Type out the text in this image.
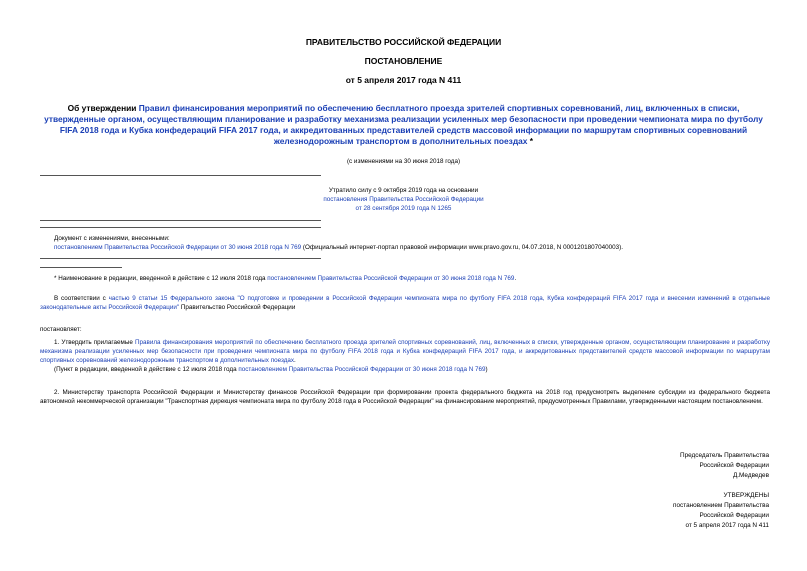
ПРАВИТЕЛЬСТВО РОССИЙСКОЙ ФЕДЕРАЦИИ
ПОСТАНОВЛЕНИЕ
от 5 апреля 2017 года N 411
Об утверждении Правил финансирования мероприятий по обеспечению бесплатного проезда зрителей спортивных соревнований, лиц, включенных в списки, утвержденные органом, осуществляющим планирование и разработку механизма реализации усиленных мер безопасности при проведении чемпионата мира по футболу FIFA 2018 года и Кубка конфедераций FIFA 2017 года, и аккредитованных представителей средств массовой информации по маршрутам спортивных соревнований железнодорожным транспортом в дополнительных поездах *
(с изменениями на 30 июня 2018 года)
Утратило силу с 9 октября 2019 года на основании
постановления Правительства Российской Федерации
от 28 сентября 2019 года N 1265
Документ с изменениями, внесенными:
постановлением Правительства Российской Федерации от 30 июня 2018 года N 769 (Официальный интернет-портал правовой информации www.pravo.gov.ru, 04.07.2018, N 0001201807040003).
* Наименование в редакции, введенной в действие с 12 июля 2018 года постановлением Правительства Российской Федерации от 30 июня 2018 года N 769.
В соответствии с частью 9 статьи 15 Федерального закона "О подготовке и проведении в Российской Федерации чемпионата мира по футболу FIFA 2018 года, Кубка конфедераций FIFA 2017 года и внесении изменений в отдельные законодательные акты Российской Федерации" Правительство Российской Федерации
постановляет:
1. Утвердить прилагаемые Правила финансирования мероприятий по обеспечению бесплатного проезда зрителей спортивных соревнований, лиц, включенных в списки, утвержденные органом, осуществляющим планирование и разработку механизма реализации усиленных мер безопасности при проведении чемпионата мира по футболу FIFA 2018 года и Кубка конфедераций FIFA 2017 года, и аккредитованных представителей средств массовой информации по маршрутам спортивных соревнований железнодорожным транспортом в дополнительных поездах.
(Пункт в редакции, введенной в действие с 12 июля 2018 года постановлением Правительства Российской Федерации от 30 июня 2018 года N 769)
2. Министерству транспорта Российской Федерации и Министерству финансов Российской Федерации при формировании проекта федерального бюджета на 2018 год предусмотреть выделение субсидии из федерального бюджета автономной некоммерческой организации "Транспортная дирекция чемпионата мира по футболу 2018 года в Российской Федерации" на финансирование мероприятий, предусмотренных Правилами, утвержденными настоящим постановлением.
Председатель Правительства
Российской Федерации
Д.Медведев
УТВЕРЖДЕНЫ
постановлением Правительства
Российской Федерации
от 5 апреля 2017 года N 411
